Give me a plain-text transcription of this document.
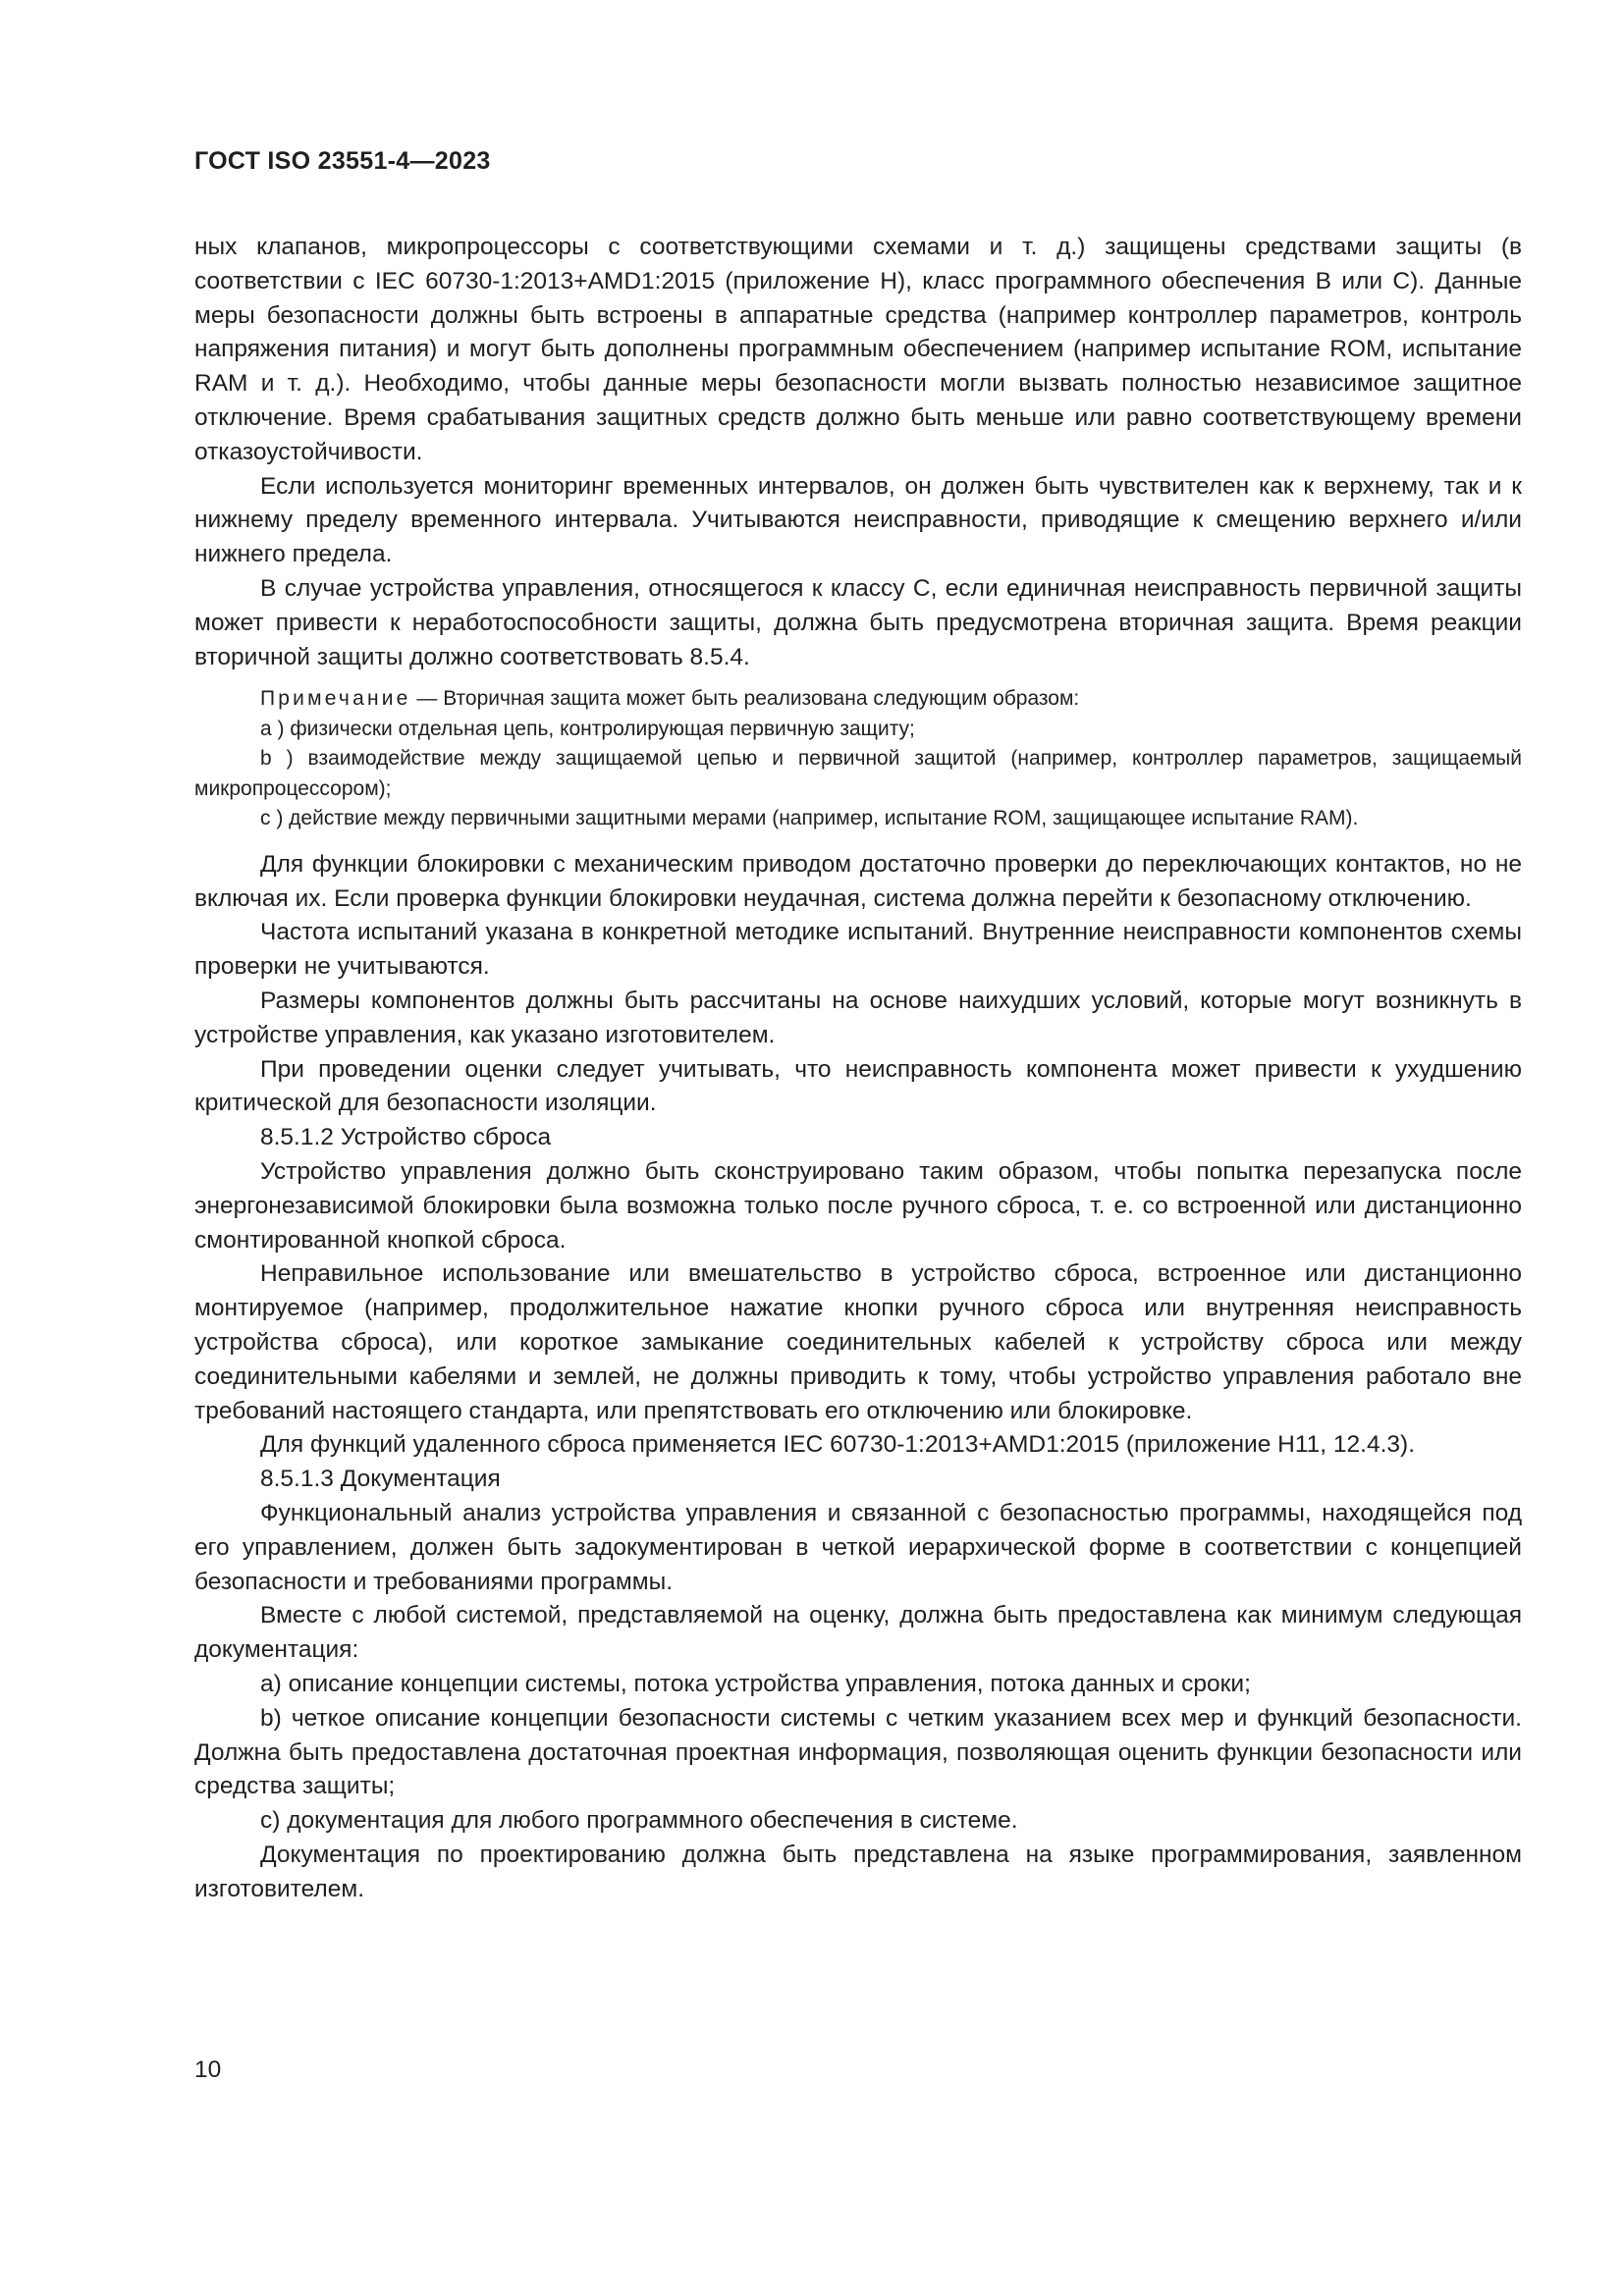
ГОСТ ISO 23551-4—2023

ных клапанов, микропроцессоры с соответствующими схемами и т. д.) защищены средствами защиты (в соответствии с IEC 60730-1:2013+AMD1:2015 (приложение H), класс программного обеспечения B или C). Данные меры безопасности должны быть встроены в аппаратные средства (например контроллер параметров, контроль напряжения питания) и могут быть дополнены программным обеспечением (например испытание ROM, испытание RAM и т. д.). Необходимо, чтобы данные меры безопасности могли вызвать полностью независимое защитное отключение. Время срабатывания защитных средств должно быть меньше или равно соответствующему времени отказоустойчивости.

Если используется мониторинг временных интервалов, он должен быть чувствителен как к верхнему, так и к нижнему пределу временного интервала. Учитываются неисправности, приводящие к смещению верхнего и/или нижнего предела.

В случае устройства управления, относящегося к классу C, если единичная неисправность первичной защиты может привести к неработоспособности защиты, должна быть предусмотрена вторичная защита. Время реакции вторичной защиты должно соответствовать 8.5.4.

Примечание — Вторичная защита может быть реализована следующим образом:

a ) физически отдельная цепь, контролирующая первичную защиту;

b ) взаимодействие между защищаемой цепью и первичной защитой (например, контроллер параметров, защищаемый микропроцессором);

c ) действие между первичными защитными мерами (например, испытание ROM, защищающее испытание RAM).

Для функции блокировки с механическим приводом достаточно проверки до переключающих контактов, но не включая их. Если проверка функции блокировки неудачная, система должна перейти к безопасному отключению.

Частота испытаний указана в конкретной методике испытаний. Внутренние неисправности компонентов схемы проверки не учитываются.

Размеры компонентов должны быть рассчитаны на основе наихудших условий, которые могут возникнуть в устройстве управления, как указано изготовителем.

При проведении оценки следует учитывать, что неисправность компонента может привести к ухудшению критической для безопасности изоляции.

8.5.1.2 Устройство сброса

Устройство управления должно быть сконструировано таким образом, чтобы попытка перезапуска после энергонезависимой блокировки была возможна только после ручного сброса, т. е. со встроенной или дистанционно смонтированной кнопкой сброса.

Неправильное использование или вмешательство в устройство сброса, встроенное или дистанционно монтируемое (например, продолжительное нажатие кнопки ручного сброса или внутренняя неисправность устройства сброса), или короткое замыкание соединительных кабелей к устройству сброса или между соединительными кабелями и землей, не должны приводить к тому, чтобы устройство управления работало вне требований настоящего стандарта, или препятствовать его отключению или блокировке.

Для функций удаленного сброса применяется IEC 60730-1:2013+AMD1:2015 (приложение H11, 12.4.3).

8.5.1.3 Документация

Функциональный анализ устройства управления и связанной с безопасностью программы, находящейся под его управлением, должен быть задокументирован в четкой иерархической форме в соответствии с концепцией безопасности и требованиями программы.

Вместе с любой системой, представляемой на оценку, должна быть предоставлена как минимум следующая документация:

a) описание концепции системы, потока устройства управления, потока данных и сроки;

b) четкое описание концепции безопасности системы с четким указанием всех мер и функций безопасности. Должна быть предоставлена достаточная проектная информация, позволяющая оценить функции безопасности или средства защиты;

c) документация для любого программного обеспечения в системе.

Документация по проектированию должна быть представлена на языке программирования, заявленном изготовителем.

10
